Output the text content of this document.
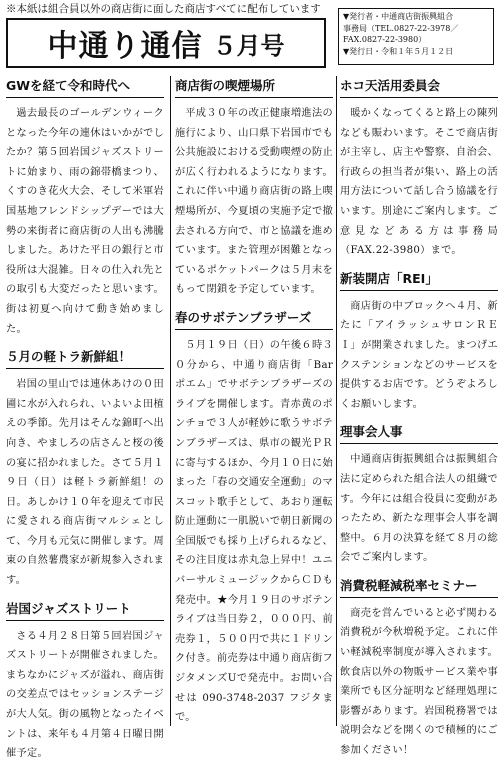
※本紙は組合員以外の商店街に面した商店すべてに配布しています
中通り通信 ５月号
▼発行者・中通商店街振興組合
事務局（TEL.0827-22-3978／
FAX.0827-22-3980）
▼発行日・令和１年５月１２日
GWを経て令和時代へ
過去最長のゴールデンウィークとなった今年の連休はいかがでしたか？第５回岩国ジャズストリートに始まり、雨の錦帯橋まつり、くすのき花火大会、そして米軍岩国基地フレンドシップデーでは大勢の来街者に商店街の人出も沸騰しました。あけた平日の銀行と市役所は大混雑。日々の仕入れ先との取引も大変だったと思います。街は初夏へ向けて動き始めました。
５月の軽トラ新鮮組！
岩国の里山では連休あけの０田圃に水が入れられ、いよいよ田植えの季節。先月はそんな錦町へ出向き、やましろの店さんと桜の後の宴に招かれました。さて５月１９日（日）は軽トラ新鮮組！の日。あしかけ１０年を迎えて市民に愛される商店街マルシェとして、今月も元気に開催します。周東の自然薯農家が新規参入されます。
岩国ジャズストリート
さる４月２８日第５回岩国ジャズストリートが開催されました。まちなかにジャズが溢れ、商店街の交差点ではセッションステージが大人気。街の風物となったイベントは、来年も４月第４日曜日開催予定。
商店街の喫煙場所
平成３０年の改正健康増進法の施行により、山口県下岩国市でも公共施設における受動喫煙の防止が広く行われるようになります。これに伴い中通り商店街の路上喫煙場所が、今夏頃の実施予定で撤去される方向で、市と協議を進めています。また管理が困難となっているポケットパークは５月末をもって閉鎖を予定しています。
春のサボテンブラザーズ
５月１９日（日）の午後６時３０分から、中通り商店街「Bar ポエム」でサボテンブラザーズのライブを開催します。青赤黄のポンチョで３人が軽妙に歌うサボテンブラザーズは、県市の観光ＰＲに寄与するほか、今月１０日に始まった「春の交通安全運動」のマスコット歌手として、あおり運転防止運動に一肌脱いで朝日新聞の全国版でも採り上げられるなど、その注目度は赤丸急上昇中！ユニバーサルミュージックからＣＤも発売中。★今月１９日のサボテンライブは当日券２，０００円、前売券１，５００円で共に１ドリンク付き。前売券は中通り商店街フジタメンズUで発売中。お問い合せは 090-3748-2037 フジタまで。
ホコ天活用委員会
暖かくなってくると路上の陳列なども賑わいます。そこで商店街が主宰し、店主や警察、自治会、行政らの担当者が集い、路上の活用方法について話し合う協議を行います。別途にご案内します。ご意見などある方は事務局（FAX.22-3980）まで。
新装開店「REI」
商店街の中ブロックへ４月、新たに「アイラッシュサロンＲＥＩ」が開業されました。まつげエクステンションなどのサービスを提供するお店です。どうぞよろしくお願いします。
理事会人事
中通商店街振興組合は振興組合法に定められた組合法人の組織です。今年には組合役員に変動があったため、新たな理事会人事を調整中。６月の決算を経て８月の総会でご案内します。
消費税軽減税率セミナー
商売を営んでいると必ず関わる消費税が今秋増税予定。これに伴い軽減税率制度が導入されます。飲食店以外の物販サービス業や事業所でも区分証明など経理処理に影響があります。岩国税務署では説明会などを開くので積極的にご参加ください！
